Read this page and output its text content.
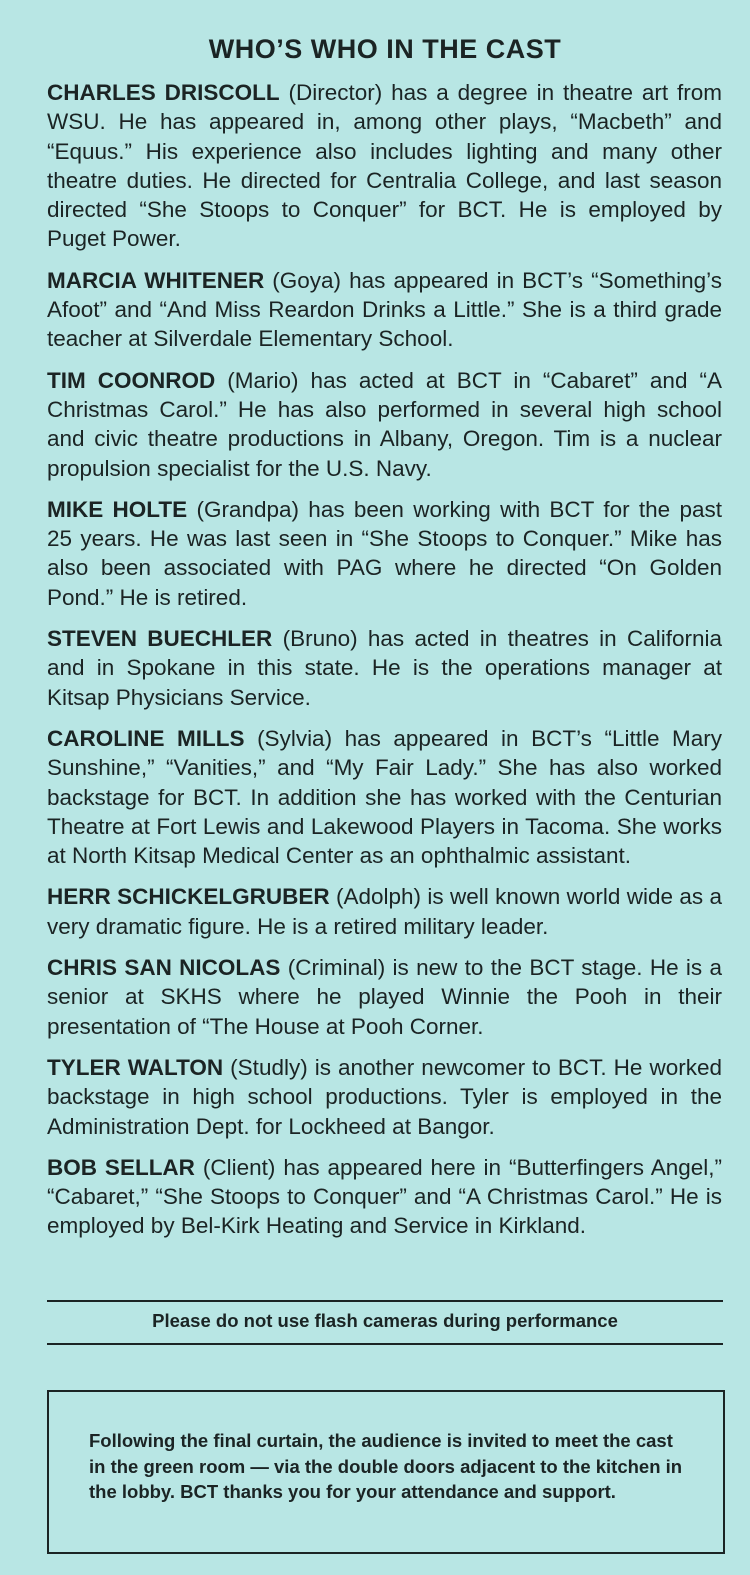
WHO’S WHO IN THE CAST

CHARLES DRISCOLL (Director) has a degree in theatre art from WSU. He has appeared in, among other plays, “Macbeth” and “Equus.” His experience also includes lighting and many other theatre duties. He directed for Centralia College, and last season directed “She Stoops to Conquer” for BCT. He is employed by Puget Power.

MARCIA WHITENER (Goya) has appeared in BCT’s “Something’s Afoot” and “And Miss Reardon Drinks a Little.” She is a third grade teacher at Silverdale Elementary School.

TIM COONROD (Mario) has acted at BCT in “Cabaret” and “A Christmas Carol.” He has also performed in several high school and civic theatre productions in Albany, Oregon. Tim is a nuclear propulsion specialist for the U.S. Navy.

MIKE HOLTE (Grandpa) has been working with BCT for the past 25 years. He was last seen in “She Stoops to Conquer.” Mike has also been associated with PAG where he directed “On Golden Pond.” He is retired.

STEVEN BUECHLER (Bruno) has acted in theatres in California and in Spokane in this state. He is the operations manager at Kitsap Physicians Service.

CAROLINE MILLS (Sylvia) has appeared in BCT’s “Little Mary Sunshine,” “Vanities,” and “My Fair Lady.” She has also worked backstage for BCT. In addition she has worked with the Centurian Theatre at Fort Lewis and Lakewood Players in Tacoma. She works at North Kitsap Medical Center as an ophthalmic assistant.

HERR SCHICKELGRUBER (Adolph) is well known world wide as a very dramatic figure. He is a retired military leader.

CHRIS SAN NICOLAS (Criminal) is new to the BCT stage. He is a senior at SKHS where he played Winnie the Pooh in their presentation of “The House at Pooh Corner.

TYLER WALTON (Studly) is another newcomer to BCT. He worked backstage in high school productions. Tyler is employed in the Administration Dept. for Lockheed at Bangor.

BOB SELLAR (Client) has appeared here in “Butterfingers Angel,” “Cabaret,” “She Stoops to Conquer” and “A Christmas Carol.” He is employed by Bel-Kirk Heating and Service in Kirkland.

Please do not use flash cameras during performance

Following the final curtain, the audience is invited to meet the cast in the green room — via the double doors adjacent to the kitchen in the lobby. BCT thanks you for your attendance and support.
